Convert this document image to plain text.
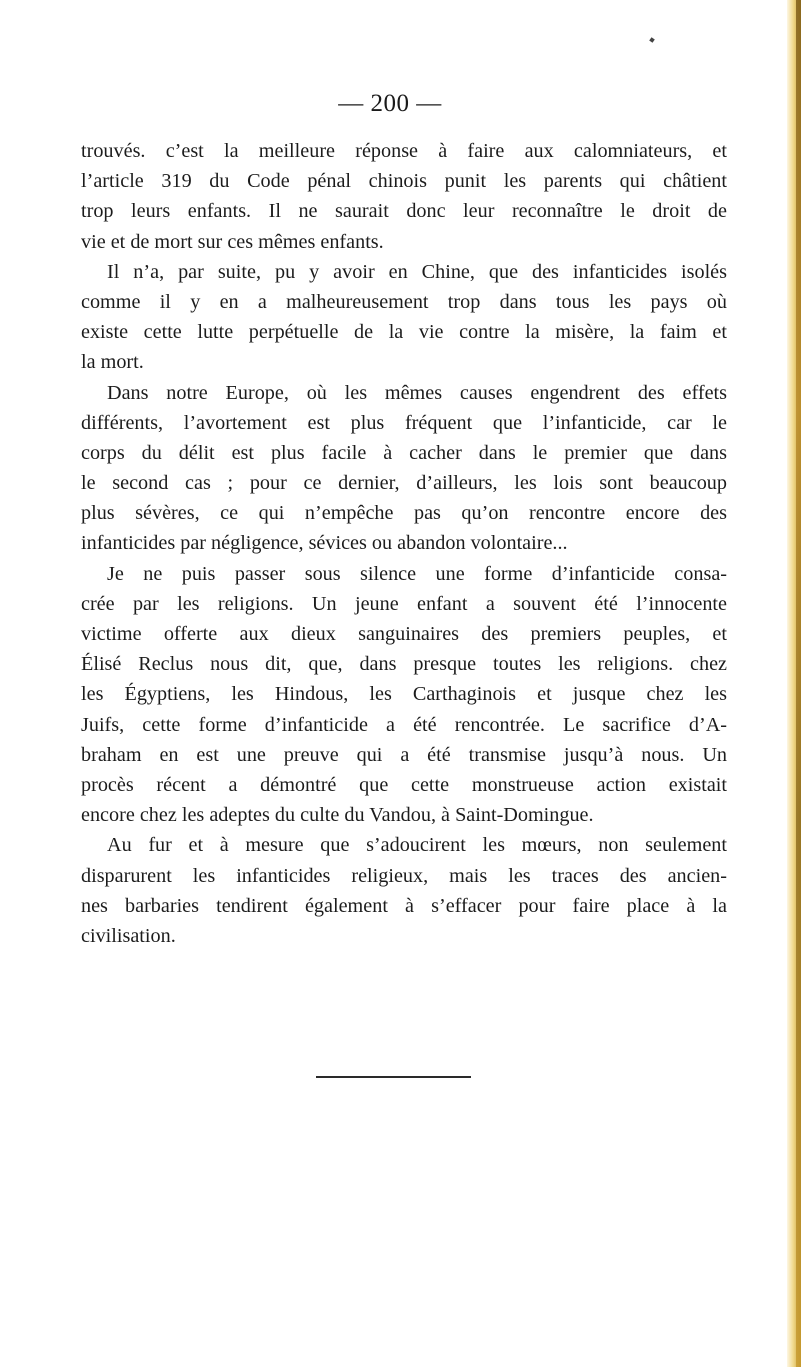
— 200 —
trouvés. c’est la meilleure réponse à faire aux calomniateurs, et
l’article 319 du Code pénal chinois punit les parents qui châtient
trop leurs enfants. Il ne saurait donc leur reconnaître le droit de
vie et de mort sur ces mêmes enfants.
Il n’a, par suite, pu y avoir en Chine, que des infanticides isolés
comme il y en a malheureusement trop dans tous les pays où
existe cette lutte perpétuelle de la vie contre la misère, la faim et
la mort.
Dans notre Europe, où les mêmes causes engendrent des effets
différents, l’avortement est plus fréquent que l’infanticide, car le
corps du délit est plus facile à cacher dans le premier que dans
le second cas ; pour ce dernier, d’ailleurs, les lois sont beaucoup
plus sévères, ce qui n’empêche pas qu’on rencontre encore des
infanticides par négligence, sévices ou abandon volontaire...
Je ne puis passer sous silence une forme d’infanticide consa-
crée par les religions. Un jeune enfant a souvent été l’innocente
victime offerte aux dieux sanguinaires des premiers peuples, et
Élisé Reclus nous dit, que, dans presque toutes les religions. chez
les Égyptiens, les Hindous, les Carthaginois et jusque chez les
Juifs, cette forme d’infanticide a été rencontrée. Le sacrifice d’A-
braham en est une preuve qui a été transmise jusqu’à nous. Un
procès récent a démontré que cette monstrueuse action existait
encore chez les adeptes du culte du Vandou, à Saint-Domingue.
Au fur et à mesure que s’adoucirent les mœurs, non seulement
disparurent les infanticides religieux, mais les traces des ancien-
nes barbaries tendirent également à s’effacer pour faire place à la
civilisation.
